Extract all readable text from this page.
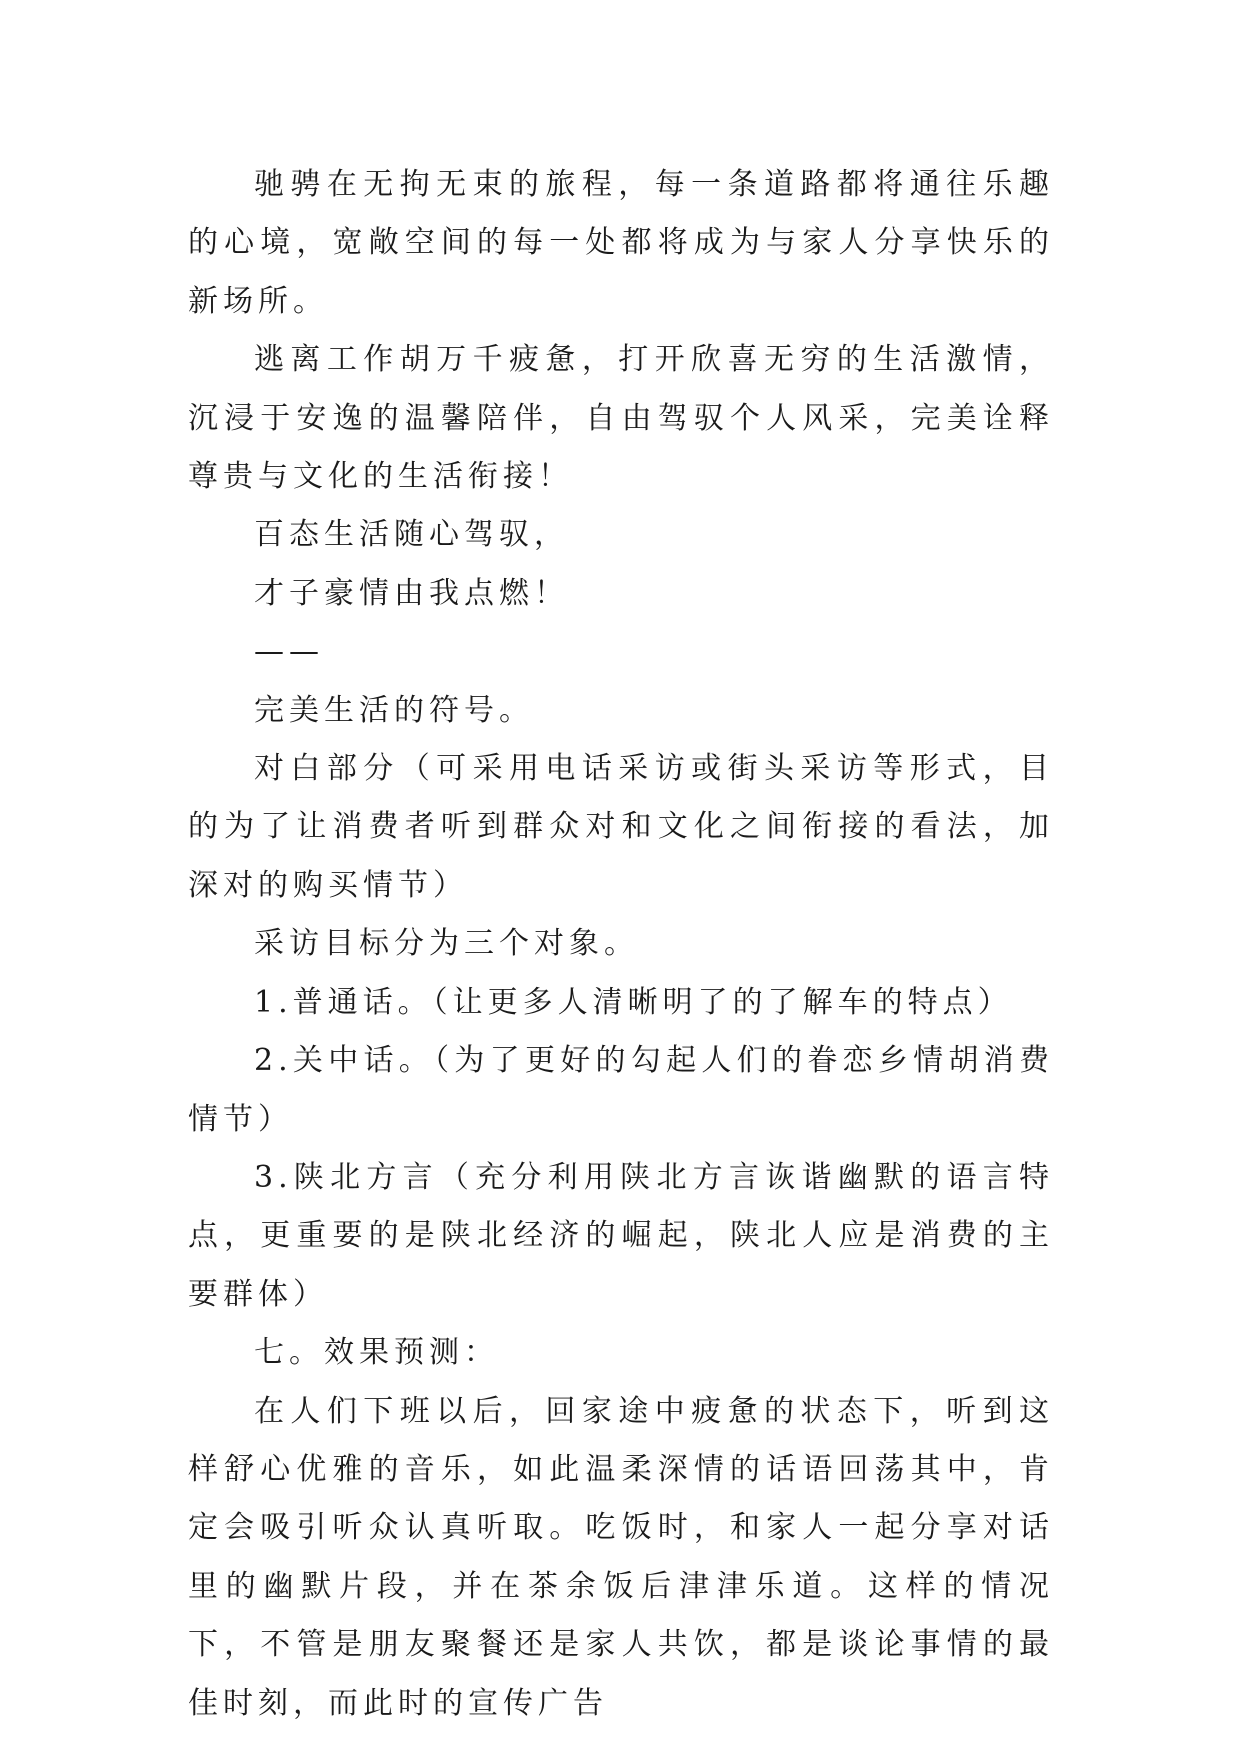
驰骋在无拘无束的旅程，每一条道路都将通往乐趣的心境，宽敞空间的每一处都将成为与家人分享快乐的新场所。

逃离工作胡万千疲惫，打开欣喜无穷的生活激情，沉浸于安逸的温馨陪伴，自由驾驭个人风采，完美诠释尊贵与文化的生活衔接！

百态生活随心驾驭，

才子豪情由我点燃！

——

完美生活的符号。

对白部分（可采用电话采访或街头采访等形式，目的为了让消费者听到群众对和文化之间衔接的看法，加深对的购买情节）

采访目标分为三个对象。

1.普通话。（让更多人清晰明了的了解车的特点）

2.关中话。（为了更好的勾起人们的眷恋乡情胡消费情节）

3.陕北方言（充分利用陕北方言诙谐幽默的语言特点，更重要的是陕北经济的崛起，陕北人应是消费的主要群体）

七。效果预测：

在人们下班以后，回家途中疲惫的状态下，听到这样舒心优雅的音乐，如此温柔深情的话语回荡其中，肯定会吸引听众认真听取。吃饭时，和家人一起分享对话里的幽默片段，并在茶余饭后津津乐道。这样的情况下，不管是朋友聚餐还是家人共饮，都是谈论事情的最佳时刻，而此时的宣传广告
